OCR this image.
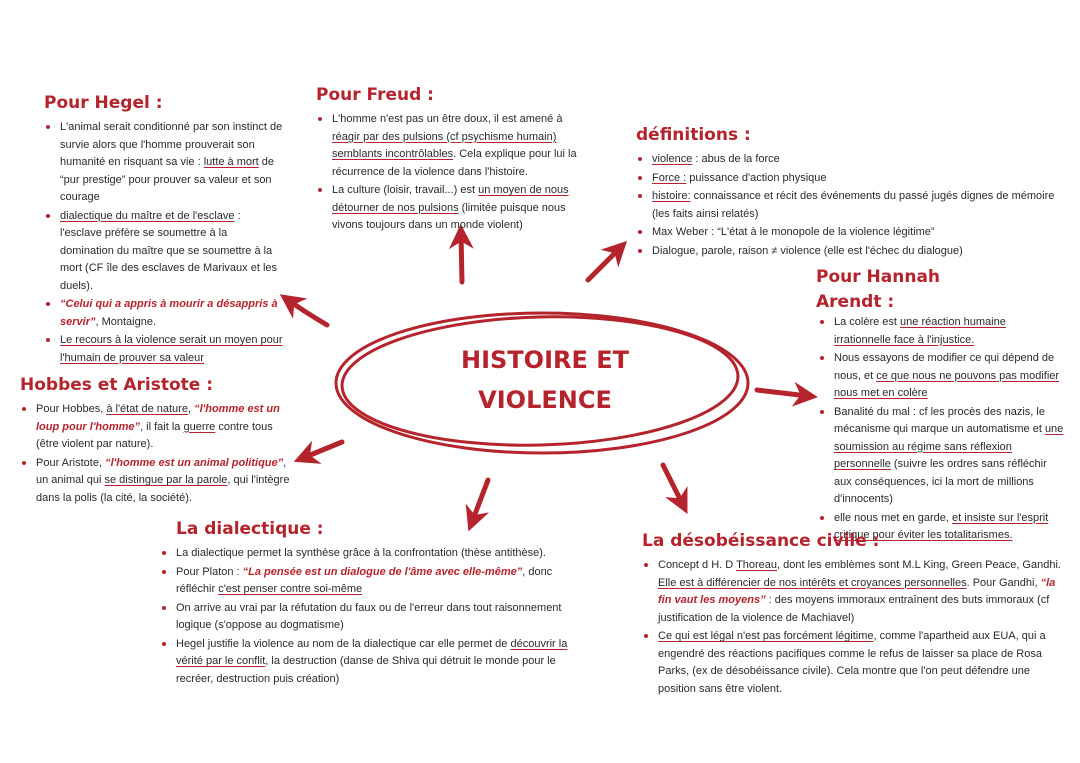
HISTOIRE ET
VIOLENCE
Pour Hegel :
• L'animal serait conditionné par son instinct de survie alors que l'homme prouverait son humanité en risquant sa vie : lutte à mort de “pur prestige” pour prouver sa valeur et son courage
• dialectique du maître et de l'esclave : l'esclave préfère se soumettre à la domination du maître que se soumettre à la mort (CF île des esclaves de Marivaux et les duels).
• “Celui qui a appris à mourir a désappris à servir”, Montaigne.
• Le recours à la violence serait un moyen pour l'humain de prouver sa valeur
Pour Freud :
• L'homme n'est pas un être doux, il est amené à réagir par des pulsions (cf psychisme humain) semblants incontrôlables. Cela explique pour lui la récurrence de la violence dans l'histoire.
• La culture (loisir, travail...) est un moyen de nous détourner de nos pulsions (limitée puisque nous vivons toujours dans un monde violent)
définitions :
• violence : abus de la force
• Force : puissance d'action physique
• histoire: connaissance et récit des événements du passé jugés dignes de mémoire (les faits ainsi relatés)
• Max Weber : “L'état à le monopole de la violence légitime”
• Dialogue, parole, raison ≠ violence (elle est l'échec du dialogue)
Pour Hannah
Arendt :
• La colère est une réaction humaine irrationnelle face à l'injustice.
• Nous essayons de modifier ce qui dépend de nous, et ce que nous ne pouvons pas modifier nous met en colère
• Banalité du mal : cf les procès des nazis, le mécanisme qui marque un automatisme et une soumission au régime sans réflexion personnelle (suivre les ordres sans réfléchir aux conséquences, ici la mort de millions d'innocents)
• elle nous met en garde, et insiste sur l'esprit critique pour éviter les totalitarismes.
Hobbes et Aristote :
• Pour Hobbes, à l'état de nature, “l'homme est un loup pour l'homme”, il fait la guerre contre tous (être violent par nature).
• Pour Aristote, “l'homme est un animal politique”, un animal qui se distingue par la parole, qui l'intègre dans la polis (la cité, la société).
La dialectique :
• La dialectique permet la synthèse grâce à la confrontation (thèse antithèse).
• Pour Platon : “La pensée est un dialogue de l'âme avec elle-même”, donc réfléchir c'est penser contre soi-même
• On arrive au vrai par la réfutation du faux ou de l'erreur dans tout raisonnement logique (s'oppose au dogmatisme)
• Hegel justifie la violence au nom de la dialectique car elle permet de découvrir la vérité par le conflit, la destruction (danse de Shiva qui détruit le monde pour le recréer, destruction puis création)
La désobéissance civile :
• Concept d H. D Thoreau, dont les emblèmes sont M.L King, Green Peace, Gandhi. Elle est à différencier de nos intérêts et croyances personnelles. Pour Gandhi, “la fin vaut les moyens” : des moyens immoraux entraînent des buts immoraux (cf justification de la violence de Machiavel)
• Ce qui est légal n'est pas forcément légitime, comme l'apartheid aux EUA, qui a engendré des réactions pacifiques comme le refus de laisser sa place de Rosa Parks, (ex de désobéissance civile). Cela montre que l'on peut défendre une position sans être violent.
